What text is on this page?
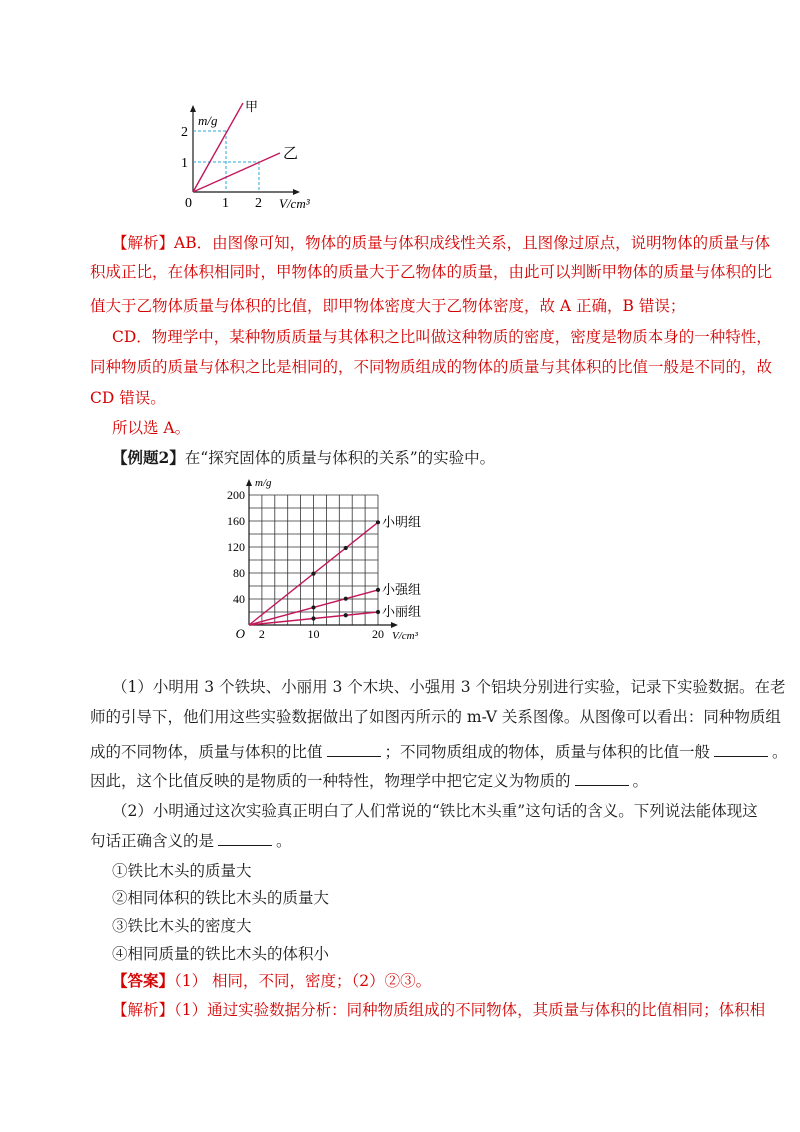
m/g
2
1
0 1 2 V/cm³
甲
乙
【解析】AB．由图像可知，物体的质量与体积成线性关系，且图像过原点，说明物体的质量与体
积成正比，在体积相同时，甲物体的质量大于乙物体的质量，由此可以判断甲物体的质量与体积的比
值大于乙物体质量与体积的比值，即甲物体密度大于乙物体密度，故 A 正确，B 错误；
CD．物理学中，某种物质质量与其体积之比叫做这种物质的密度，密度是物质本身的一种特性，
同种物质的质量与体积之比是相同的，不同物质组成的物体的质量与其体积的比值一般是不同的，故
CD 错误。
所以选 A。
【例题2】在“探究固体的质量与体积的关系”的实验中。
小明组
小强组
小丽组
40
80
120
160
200
2	10	20
O
m/g
V/cm³
（1）小明用 3 个铁块、小丽用 3 个木块、小强用 3 个铝块分别进行实验，记录下实验数据。在老
师的引导下，他们用这些实验数据做出了如图丙所示的 m-V 关系图像。从图像可以看出：同种物质组
成的不同物体，质量与体积的比值	；不同物质组成的物体，质量与体积的比值一般	。
因此，这个比值反映的是物质的一种特性，物理学中把它定义为物质的	。
（2）小明通过这次实验真正明白了人们常说的“铁比木头重”这句话的含义。下列说法能体现这
句话正确含义的是	。
①铁比木头的质量大
②相同体积的铁比木头的质量大
③铁比木头的密度大
④相同质量的铁比木头的体积小
【答案】（1） 相同，不同，密度；（2）②③。
【解析】（1）通过实验数据分析：同种物质组成的不同物体，其质量与体积的比值相同；体积相
